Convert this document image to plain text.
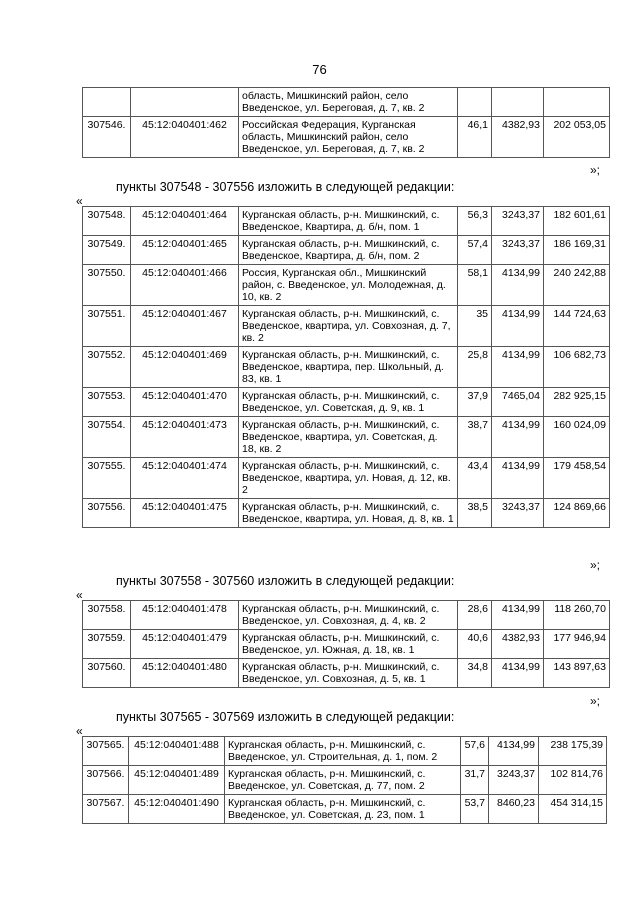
76
		область, Мишкинский район, село Введенское, ул. Береговая, д. 7, кв. 2			
307546.	45:12:040401:462	Российская Федерация, Курганская область, Мишкинский район, село Введенское, ул. Береговая, д. 7, кв. 2	46,1	4382,93	202 053,05
»;
пункты 307548 - 307556 изложить в следующей редакции:
«
307548.	45:12:040401:464	Курганская область, р-н. Мишкинский, с. Введенское, Квартира, д. б/н, пом. 1	56,3	3243,37	182 601,61
307549.	45:12:040401:465	Курганская область, р-н. Мишкинский, с. Введенское, Квартира, д. б/н, пом. 2	57,4	3243,37	186 169,31
307550.	45:12:040401:466	Россия, Курганская обл., Мишкинский район, с. Введенское, ул. Молодежная, д. 10, кв. 2	58,1	4134,99	240 242,88
307551.	45:12:040401:467	Курганская область, р-н. Мишкинский, с. Введенское, квартира, ул. Совхозная, д. 7, кв. 2	35	4134,99	144 724,63
307552.	45:12:040401:469	Курганская область, р-н. Мишкинский, с. Введенское, квартира, пер. Школьный, д. 83, кв. 1	25,8	4134,99	106 682,73
307553.	45:12:040401:470	Курганская область, р-н. Мишкинский, с. Введенское, ул. Советская, д. 9, кв. 1	37,9	7465,04	282 925,15
307554.	45:12:040401:473	Курганская область, р-н. Мишкинский, с. Введенское, квартира, ул. Советская, д. 18, кв. 2	38,7	4134,99	160 024,09
307555.	45:12:040401:474	Курганская область, р-н. Мишкинский, с. Введенское, квартира, ул. Новая, д. 12, кв. 2	43,4	4134,99	179 458,54
307556.	45:12:040401:475	Курганская область, р-н. Мишкинский, с. Введенское, квартира, ул. Новая, д. 8, кв. 1	38,5	3243,37	124 869,66
»;
пункты 307558 - 307560 изложить в следующей редакции:
«
307558.	45:12:040401:478	Курганская область, р-н. Мишкинский, с. Введенское, ул. Совхозная, д. 4, кв. 2	28,6	4134,99	118 260,70
307559.	45:12:040401:479	Курганская область, р-н. Мишкинский, с. Введенское, ул. Южная, д. 18, кв. 1	40,6	4382,93	177 946,94
307560.	45:12:040401:480	Курганская область, р-н. Мишкинский, с. Введенское, ул. Совхозная, д. 5, кв. 1	34,8	4134,99	143 897,63
»;
пункты 307565 - 307569 изложить в следующей редакции:
«
307565.	45:12:040401:488	Курганская область, р-н. Мишкинский, с. Введенское, ул. Строительная, д. 1, пом. 2	57,6	4134,99	238 175,39
307566.	45:12:040401:489	Курганская область, р-н. Мишкинский, с. Введенское, ул. Советская, д. 77, пом. 2	31,7	3243,37	102 814,76
307567.	45:12:040401:490	Курганская область, р-н. Мишкинский, с. Введенское, ул. Советская, д. 23, пом. 1	53,7	8460,23	454 314,15
